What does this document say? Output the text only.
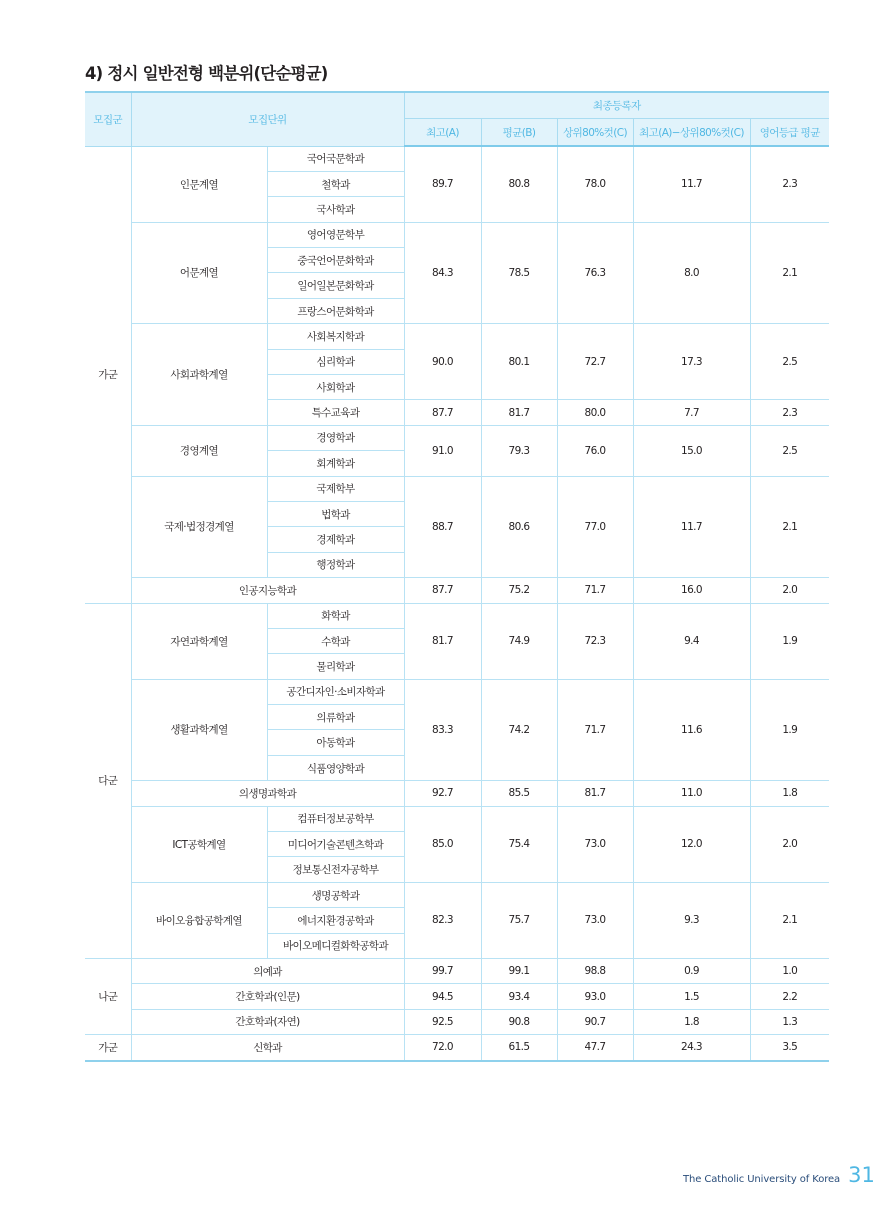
4) 정시 일반전형 백분위(단순평균)
모집군	모집단위		최종등록자				
			최고(A)	평균(B)	상위80%컷(C)	최고(A)−상위80%컷(C)	영어등급 평균
가군	인문계열	국어국문학과	89.7	80.8	78.0	11.7	2.3
		철학과					
		국사학과					
	어문계열	영어영문학부	84.3	78.5	76.3	8.0	2.1
		중국언어문화학과					
		일어일본문화학과					
		프랑스어문화학과					
	사회과학계열	사회복지학과	90.0	80.1	72.7	17.3	2.5
		심리학과					
		사회학과					
		특수교육과	87.7	81.7	80.0	7.7	2.3
	경영계열	경영학과	91.0	79.3	76.0	15.0	2.5
		회계학과					
	국제·법정경계열	국제학부	88.7	80.6	77.0	11.7	2.1
		법학과					
		경제학과					
		행정학과					
	인공지능학과		87.7	75.2	71.7	16.0	2.0
다군	자연과학계열	화학과	81.7	74.9	72.3	9.4	1.9
		수학과					
		물리학과					
	생활과학계열	공간디자인·소비자학과	83.3	74.2	71.7	11.6	1.9
		의류학과					
		아동학과					
		식품영양학과					
	의생명과학과		92.7	85.5	81.7	11.0	1.8
	ICT공학계열	컴퓨터정보공학부	85.0	75.4	73.0	12.0	2.0
		미디어기술콘텐츠학과					
		정보통신전자공학부					
	바이오융합공학계열	생명공학과	82.3	75.7	73.0	9.3	2.1
		에너지환경공학과					
		바이오메디컬화학공학과					
나군	의예과		99.7	99.1	98.8	0.9	1.0
	간호학과(인문)		94.5	93.4	93.0	1.5	2.2
	간호학과(자연)		92.5	90.8	90.7	1.8	1.3
가군	신학과		72.0	61.5	47.7	24.3	3.5
The Catholic University of Korea 31
